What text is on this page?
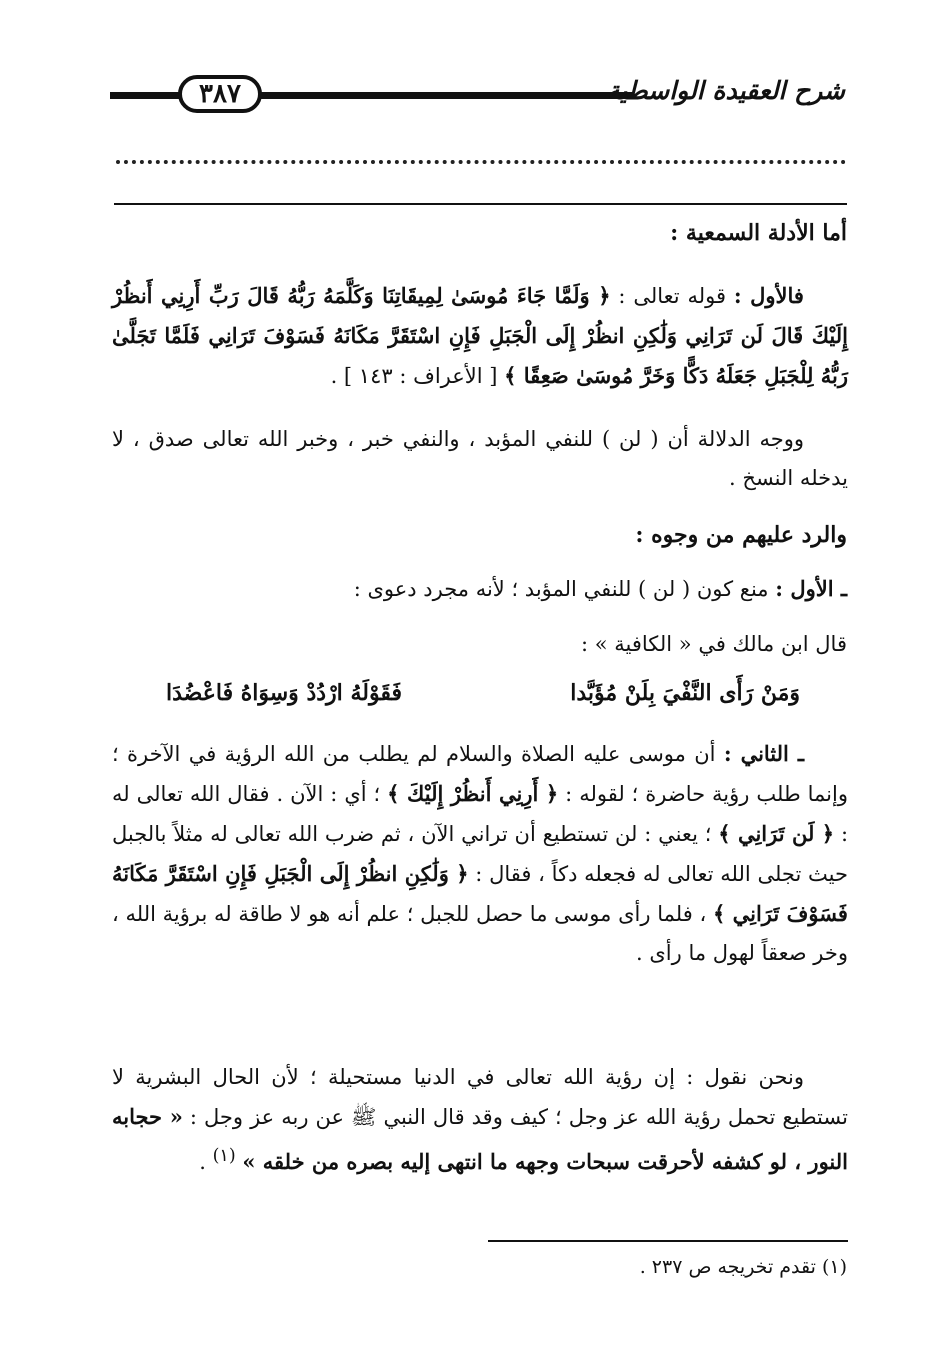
٣٨٧	شرح العقيدة الواسطية
أما الأدلة السمعية :

فالأول : قوله تعالى : ﴿ وَلَمَّا جَاءَ مُوسَىٰ لِمِيقَاتِنَا وَكَلَّمَهُ رَبُّهُ قَالَ رَبِّ أَرِنِي أَنظُرْ إِلَيْكَ قَالَ لَن تَرَانِي وَلَٰكِنِ انظُرْ إِلَى الْجَبَلِ فَإِنِ اسْتَقَرَّ مَكَانَهُ فَسَوْفَ تَرَانِي فَلَمَّا تَجَلَّىٰ رَبُّهُ لِلْجَبَلِ جَعَلَهُ دَكًّا وَخَرَّ مُوسَىٰ صَعِقًا ﴾ [ الأعراف : ١٤٣ ] .

ووجه الدلالة أن ( لن ) للنفي المؤبد ، والنفي خبر ، وخبر الله تعالى صدق ، لا يدخله النسخ .

والرد عليهم من وجوه :
ـ الأول : منع كون ( لن ) للنفي المؤبد ؛ لأنه مجرد دعوى :
قال ابن مالك في « الكافية » :
وَمَنْ رَأَى النَّفْيَ بِلَنْ مُؤَبَّدا
فَقَوْلَهُ ارْدُدْ وَسِوَاهُ فَاعْضُدَا

ـ الثاني : أن موسى عليه الصلاة والسلام لم يطلب من الله الرؤية في الآخرة ؛ وإنما طلب رؤية حاضرة ؛ لقوله : ﴿ أَرِنِي أَنظُرْ إِلَيْكَ ﴾ ؛ أي : الآن . فقال الله تعالى له : ﴿ لَن تَرَانِي ﴾ ؛ يعني : لن تستطيع أن تراني الآن ، ثم ضرب الله تعالى له مثلاً بالجبل حيث تجلى الله تعالى له فجعله دكاً ، فقال : ﴿ وَلَٰكِنِ انظُرْ إِلَى الْجَبَلِ فَإِنِ اسْتَقَرَّ مَكَانَهُ فَسَوْفَ تَرَانِي ﴾ ، فلما رأى موسى ما حصل للجبل ؛ علم أنه هو لا طاقة له برؤية الله ، وخر صعقاً لهول ما رأى .

ونحن نقول : إن رؤية الله تعالى في الدنيا مستحيلة ؛ لأن الحال البشرية لا تستطيع تحمل رؤية الله عز وجل ؛ كيف وقد قال النبي ﷺ عن ربه عز وجل : « حجابه النور ، لو كشفه لأحرقت سبحات وجهه ما انتهى إليه بصره من خلقه » $^{(١)}$ .

(١) تقدم تخريجه ص ٢٣٧ .
